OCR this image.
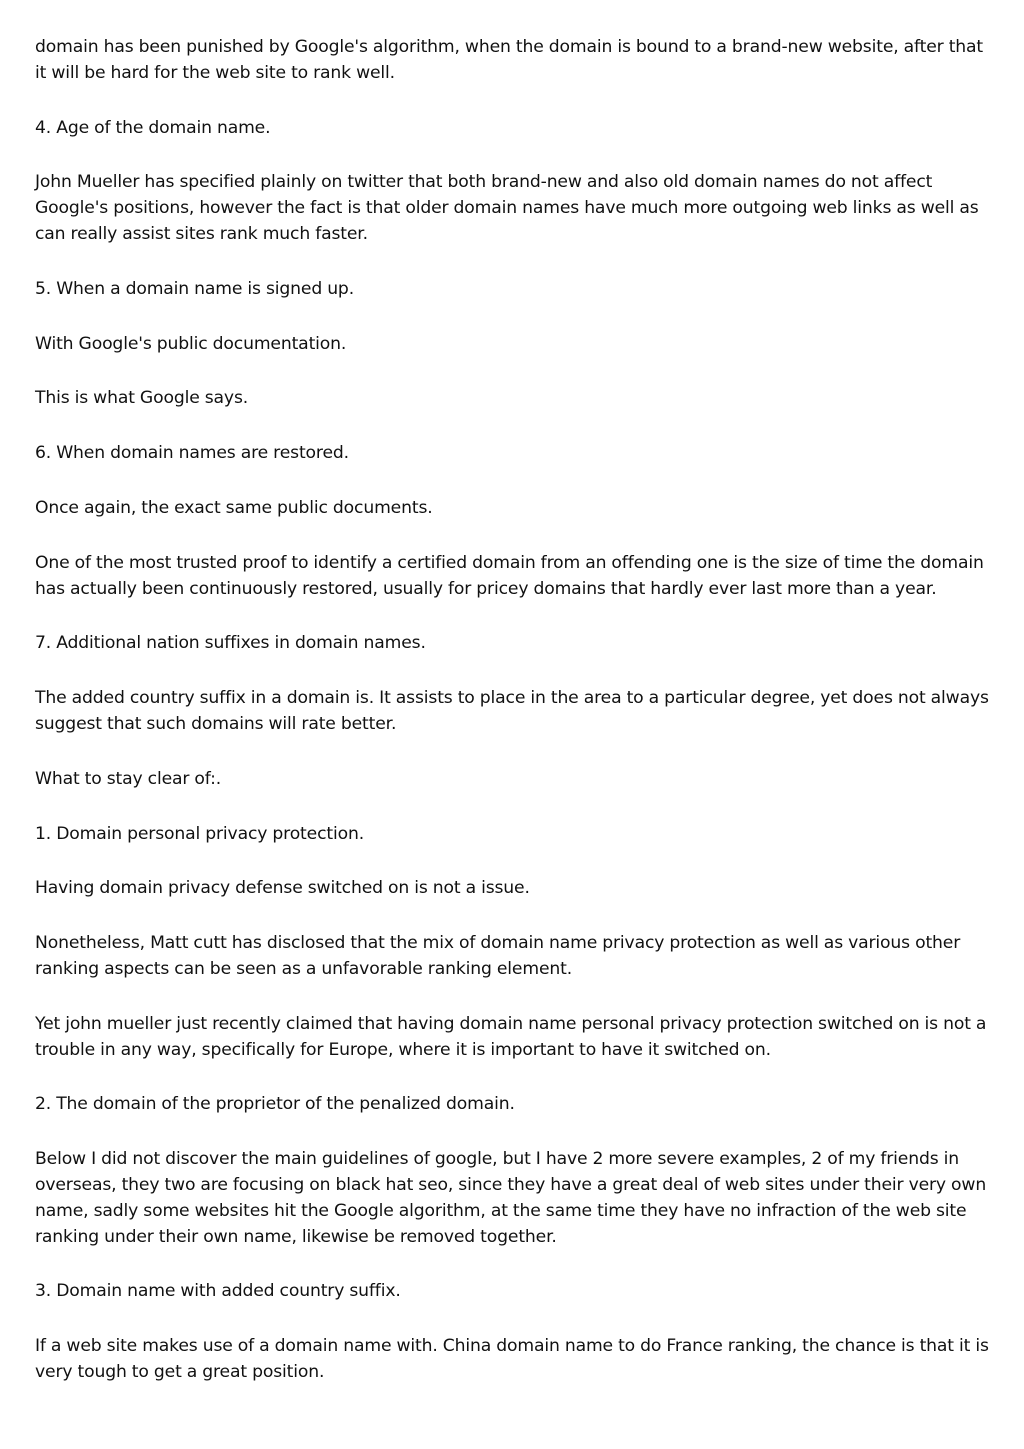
domain has been punished by Google's algorithm, when the domain is bound to a brand-new website, after that it will be hard for the web site to rank well.

4. Age of the domain name.

John Mueller has specified plainly on twitter that both brand-new and also old domain names do not affect Google's positions, however the fact is that older domain names have much more outgoing web links as well as can really assist sites rank much faster.

5. When a domain name is signed up.

With Google's public documentation.

This is what Google says.

6. When domain names are restored.

Once again, the exact same public documents.

One of the most trusted proof to identify a certified domain from an offending one is the size of time the domain has actually been continuously restored, usually for pricey domains that hardly ever last more than a year.

7. Additional nation suffixes in domain names.

The added country suffix in a domain is. It assists to place in the area to a particular degree, yet does not always suggest that such domains will rate better.

What to stay clear of:.

1. Domain personal privacy protection.

Having domain privacy defense switched on is not a issue.

Nonetheless, Matt cutt has disclosed that the mix of domain name privacy protection as well as various other ranking aspects can be seen as a unfavorable ranking element.

Yet john mueller just recently claimed that having domain name personal privacy protection switched on is not a trouble in any way, specifically for Europe, where it is important to have it switched on.

2. The domain of the proprietor of the penalized domain.

Below I did not discover the main guidelines of google, but I have 2 more severe examples, 2 of my friends in overseas, they two are focusing on black hat seo, since they have a great deal of web sites under their very own name, sadly some websites hit the Google algorithm, at the same time they have no infraction of the web site ranking under their own name, likewise be removed together.

3. Domain name with added country suffix.

If a web site makes use of a domain name with. China domain name to do France ranking, the chance is that it is very tough to get a great position.
